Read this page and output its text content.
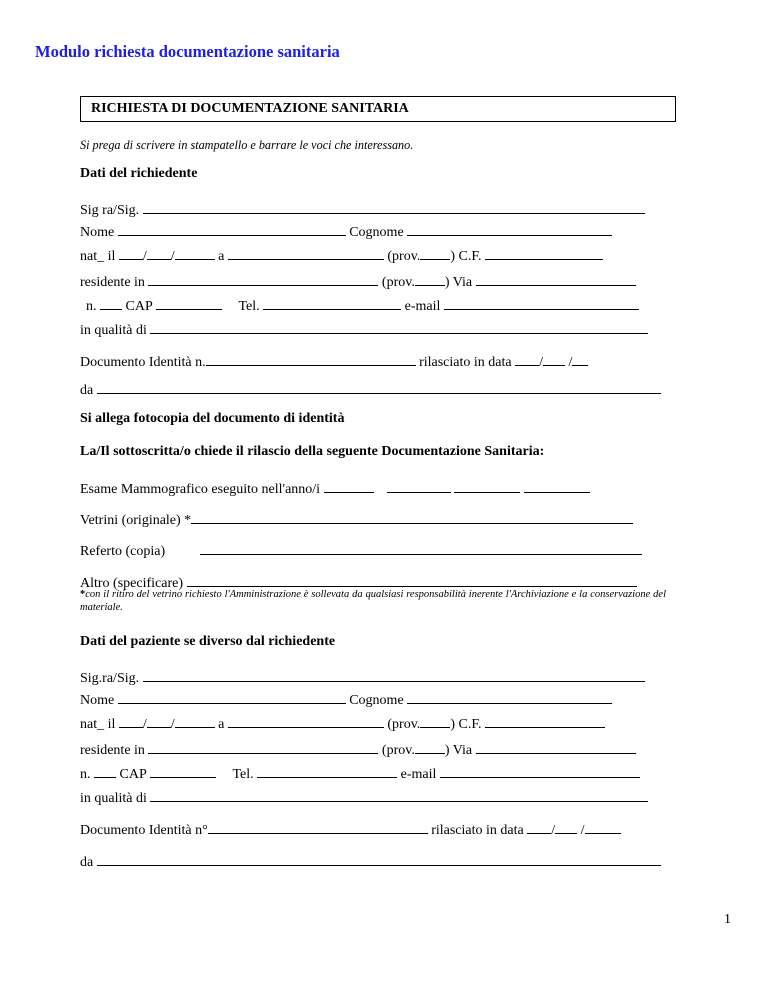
Modulo richiesta documentazione sanitaria
RICHIESTA DI DOCUMENTAZIONE SANITARIA
Si prega di scrivere in stampatello e barrare le voci che interessano.
Dati del richiedente
Sig ra/Sig.
Nome	Cognome
nat_ il / /	a	(prov. ) C.F.
residente in	(prov. ) Via
n. CAP	Tel.	e-mail
in qualità di
Documento Identità n.	rilasciato in data / /
da
Si allega fotocopia del documento di identità
La/Il sottoscritta/o chiede il rilascio della seguente Documentazione Sanitaria:
Esame Mammografico eseguito nell'anno/i
Vetrini (originale) *
Referto (copia)
Altro (specificare)
*con il ritiro del vetrino richiesto l'Amministrazione è sollevata da qualsiasi responsabilità inerente l'Archiviazione e la conservazione del materiale.
Dati del paziente se diverso dal richiedente
Sig.ra/Sig.
Nome	Cognome
nat_ il / /	a	(prov. ) C.F.
residente in	(prov. ) Via
n. CAP	Tel.	e-mail
in qualità di
Documento Identità n°	rilasciato in data / /
da
1
